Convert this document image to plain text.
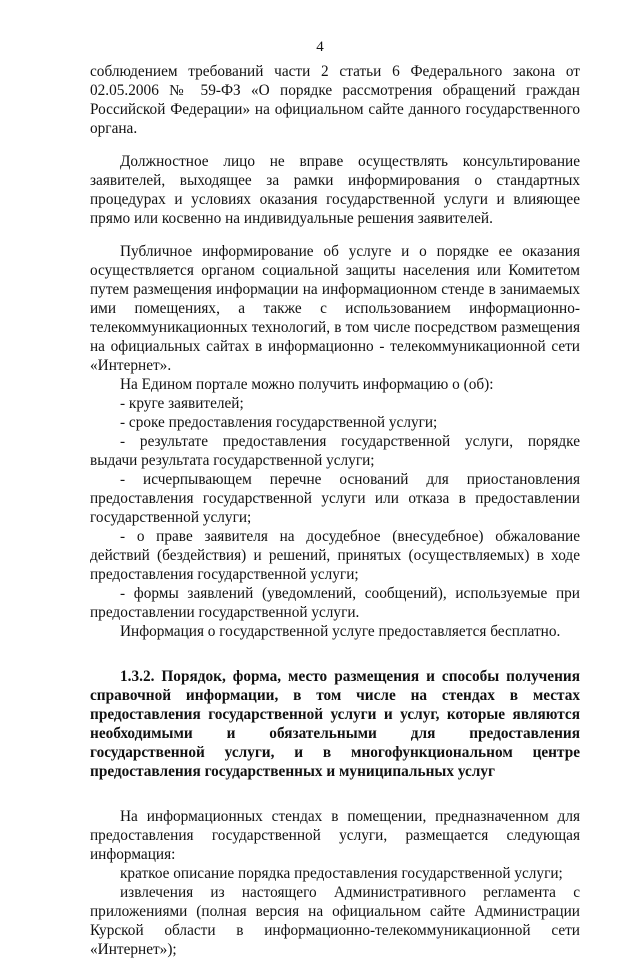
4
соблюдением требований части 2 статьи 6 Федерального закона от
02.05.2006 № 59-ФЗ «О порядке рассмотрения обращений граждан
Российской Федерации» на официальном сайте данного государственного
органа.
Должностное лицо не вправе осуществлять консультирование
заявителей, выходящее за рамки информирования о стандартных
процедурах и условиях оказания государственной услуги и влияющее
прямо или косвенно на индивидуальные решения заявителей.
Публичное информирование об услуге и о порядке ее оказания
осуществляется органом социальной защиты населения или Комитетом
путем размещения информации на информационном стенде в занимаемых
ими помещениях, а также с использованием информационно-
телекоммуникационных технологий, в том числе посредством размещения
на официальных сайтах в информационно - телекоммуникационной сети
«Интернет».
На Едином портале можно получить информацию о (об):
- круге заявителей;
- сроке предоставления государственной услуги;
- результате предоставления государственной услуги, порядке
выдачи результата государственной услуги;
- исчерпывающем перечне оснований для приостановления
предоставления государственной услуги или отказа в предоставлении
государственной услуги;
- о праве заявителя на досудебное (внесудебное) обжалование
действий (бездействия) и решений, принятых (осуществляемых) в ходе
предоставления государственной услуги;
- формы заявлений (уведомлений, сообщений), используемые при
предоставлении государственной услуги.
Информация о государственной услуге предоставляется бесплатно.
1.3.2. Порядок, форма, место размещения и способы получения
справочной информации, в том числе на стендах в местах
предоставления государственной услуги и услуг, которые являются
необходимыми и обязательными для предоставления
государственной услуги, и в многофункциональном центре
предоставления государственных и муниципальных услуг
На информационных стендах в помещении, предназначенном для
предоставления государственной услуги, размещается следующая
информация:
краткое описание порядка предоставления государственной услуги;
извлечения из настоящего Административного регламента с
приложениями (полная версия на официальном сайте Администрации
Курской области в информационно-телекоммуникационной сети
«Интернет»);
